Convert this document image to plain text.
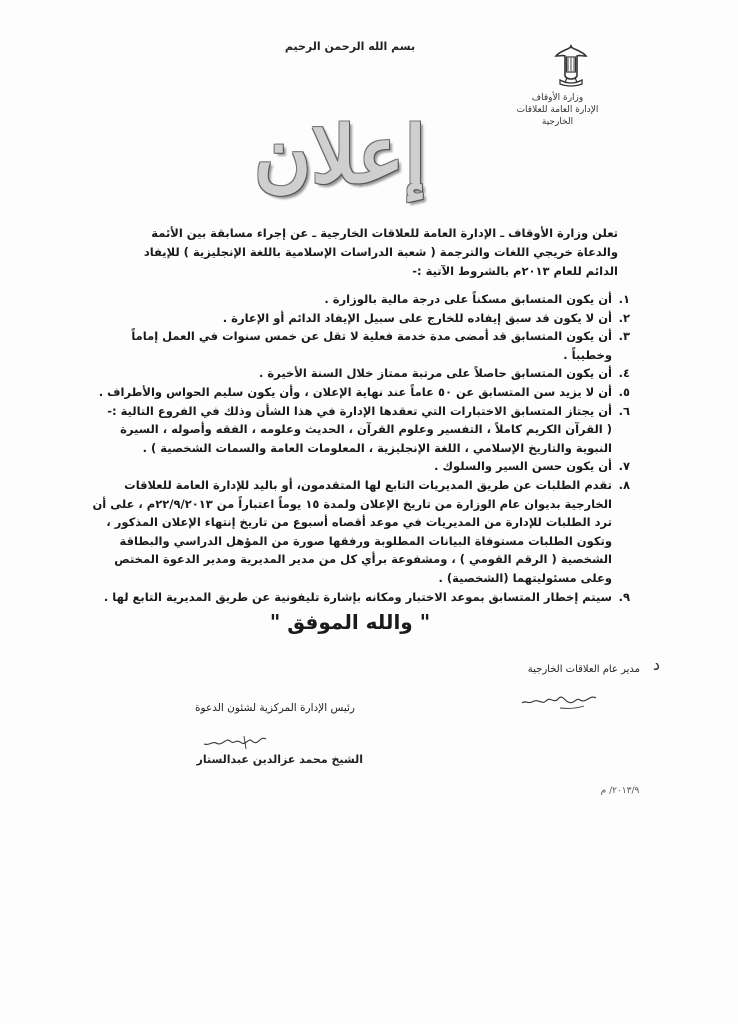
بسم الله الرحمن الرحيم
وزارة الأوقاف
الإدارة العامة للعلاقات الخارجية
إعلان
تعلن وزارة الأوقاف ـ الإدارة العامة للعلاقات الخارجية ـ عن إجراء مسابقة بين الأئمة والدعاة خريجي اللغات والترجمة ( شعبة الدراسات الإسلامية باللغة الإنجليزية ) للإيفاد الدائم للعام ٢٠١٣م بالشروط الآتية :-
١.
أن يكون المتسابق مسكناً على درجة مالية بالوزارة .
٢.
أن لا يكون قد سبق إيفاده للخارج على سبيل الإيفاد الدائم أو الإعارة .
٣.
أن يكون المتسابق قد أمضى مدة خدمة فعلية لا تقل عن خمس سنوات في العمل إماماً وخطيباً .
٤.
أن يكون المتسابق حاصلاً على مرتبة ممتاز خلال السنة الأخيرة .
٥.
أن لا يزيد سن المتسابق عن ٥٠ عاماً عند نهاية الإعلان ، وأن يكون سليم الحواس والأطراف .
٦.
أن يجتاز المتسابق الاختبارات التي تعقدها الإدارة في هذا الشأن وذلك في الفروع التالية :-
( القرآن الكريم كاملاً ، التفسير وعلوم القرآن ، الحديث وعلومه ، الفقه وأصوله ، السيرة النبوية والتاريخ الإسلامي ، اللغة الإنجليزية ، المعلومات العامة والسمات الشخصية ) .
٧.
أن يكون حسن السير والسلوك .
٨.
تقدم الطلبات عن طريق المديريات التابع لها المتقدمون، أو باليد للإدارة العامة للعلاقات الخارجية بديوان عام الوزارة من تاريخ الإعلان ولمدة ١٥ يوماً اعتباراً من ٢٢/٩/٢٠١٣م ، على أن ترد الطلبات للإدارة من المديريات في موعد أقصاه أسبوع من تاريخ إنتهاء الإعلان المذكور ، وتكون الطلبات مستوفاة البيانات المطلوبة ورفقها صورة من المؤهل الدراسي والبطاقة الشخصية ( الرقم القومي ) ، ومشفوعة برأي كل من مدير المديرية ومدير الدعوة المختص وعلى مسئوليتهما (الشخصية) .
٩.
سيتم إخطار المتسابق بموعد الاختبار ومكانه بإشارة تليفونية عن طريق المديرية التابع لها .
" والله الموفق "
د
مدير عام العلاقات الخارجية
رئيس الإدارة المركزية لشئون الدعوة
الشيخ محمد عزالدين عبدالستار
٢٠١٣/٩/ م
